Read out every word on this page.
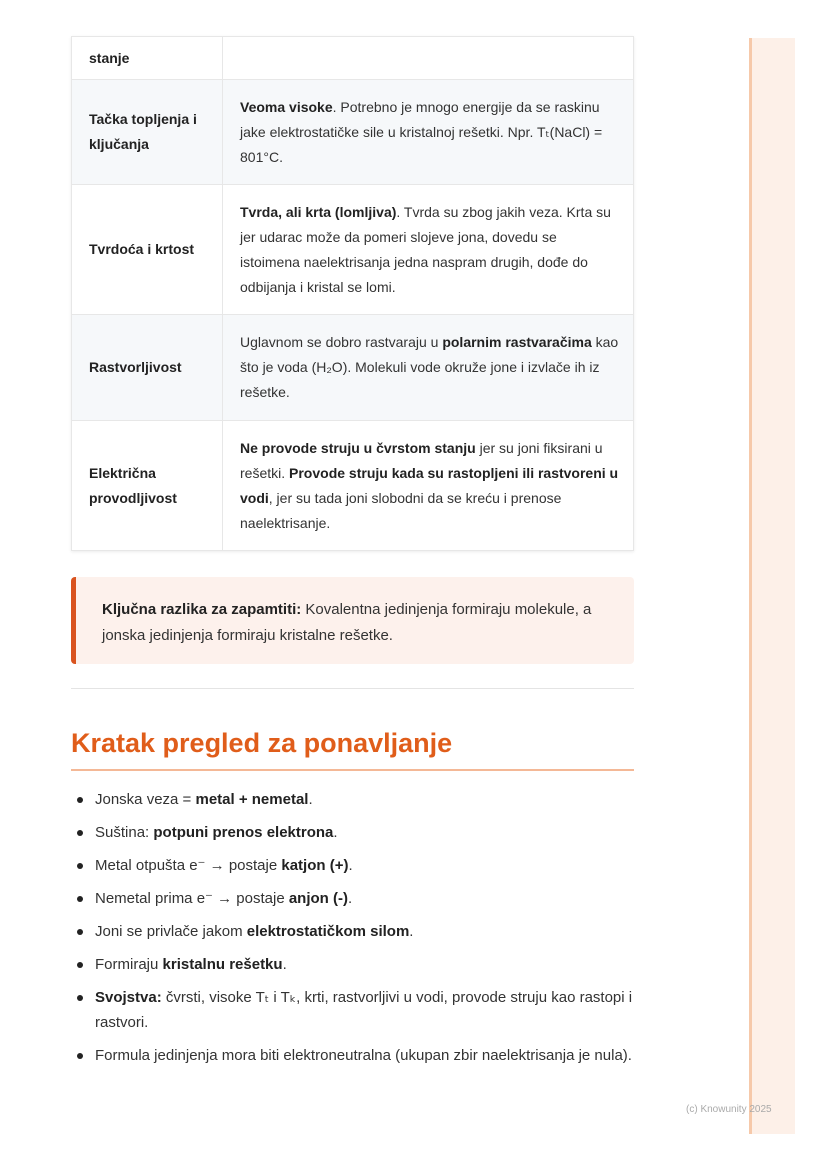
stanje	
Tačka topljenja i ključanja	Veoma visoke. Potrebno je mnogo energije da se raskinu jake elektrostatičke sile u kristalnoj rešetki. Npr. Tₜ(NaCl) = 801°C.
Tvrdoća i krtost	Tvrda, ali krta (lomljiva). Tvrda su zbog jakih veza. Krta su jer udarac može da pomeri slojeve jona, dovedu se istoimena naelektrisanja jedna naspram drugih, dođe do odbijanja i kristal se lomi.
Rastvorljivost	Uglavnom se dobro rastvaraju u polarnim rastvaračima kao što je voda (H₂O). Molekuli vode okruže jone i izvlače ih iz rešetke.
Električna provodljivost	Ne provode struju u čvrstom stanju jer su joni fiksirani u rešetki. Provode struju kada su rastopljeni ili rastvoreni u vodi, jer su tada joni slobodni da se kreću i prenose naelektrisanje.
Ključna razlika za zapamtiti: Kovalentna jedinjenja formiraju molekule, a jonska jedinjenja formiraju kristalne rešetke.
Kratak pregled za ponavljanje
Jonska veza = metal + nemetal.
Suština: potpuni prenos elektrona.
Metal otpušta e⁻ → postaje katjon (+).
Nemetal prima e⁻ → postaje anjon (-).
Joni se privlače jakom elektrostatičkom silom.
Formiraju kristalnu rešetku.
Svojstva: čvrsti, visoke Tₜ i Tₖ, krti, rastvorljivi u vodi, provode struju kao rastopi i rastvori.
Formula jedinjenja mora biti elektroneutralna (ukupan zbir naelektrisanja je nula).
(c) Knowunity 2025
